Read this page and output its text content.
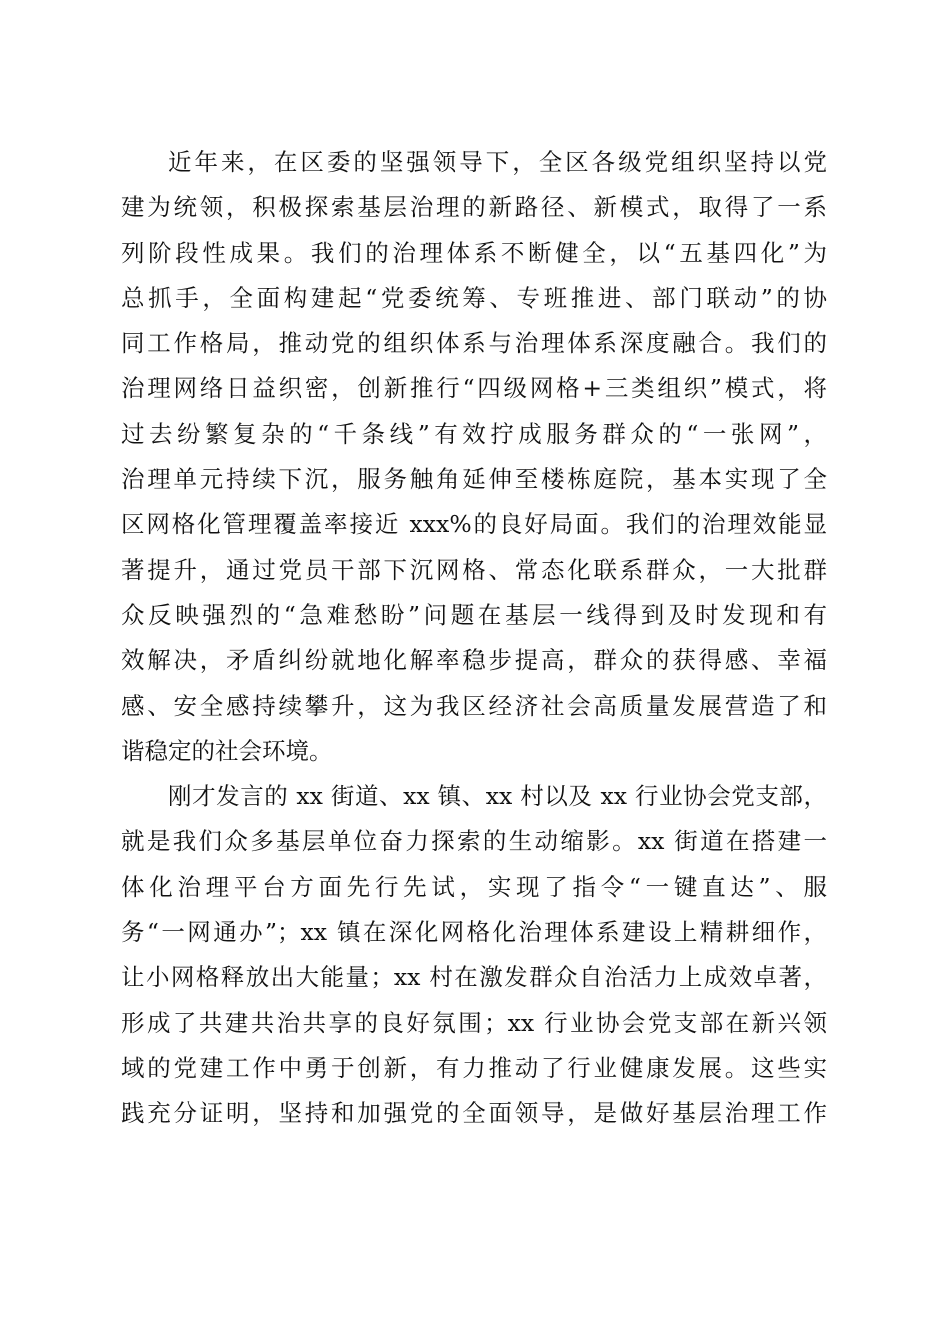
近年来，在区委的坚强领导下，全区各级党组织坚持以党
建为统领，积极探索基层治理的新路径、新模式，取得了一系
列阶段性成果。我们的治理体系不断健全，以“五基四化”为
总抓手，全面构建起“党委统筹、专班推进、部门联动”的协
同工作格局，推动党的组织体系与治理体系深度融合。我们的
治理网络日益织密，创新推行“四级网格+三类组织”模式，将
过去纷繁复杂的“千条线”有效拧成服务群众的“一张网”，
治理单元持续下沉，服务触角延伸至楼栋庭院，基本实现了全
区网格化管理覆盖率接近 xxx%的良好局面。我们的治理效能显
著提升，通过党员干部下沉网格、常态化联系群众，一大批群
众反映强烈的“急难愁盼”问题在基层一线得到及时发现和有
效解决，矛盾纠纷就地化解率稳步提高，群众的获得感、幸福
感、安全感持续攀升，这为我区经济社会高质量发展营造了和
谐稳定的社会环境。
刚才发言的 xx 街道、xx 镇、xx 村以及 xx 行业协会党支部，
就是我们众多基层单位奋力探索的生动缩影。xx 街道在搭建一
体化治理平台方面先行先试，实现了指令“一键直达”、服
务“一网通办”；xx 镇在深化网格化治理体系建设上精耕细作，
让小网格释放出大能量；xx 村在激发群众自治活力上成效卓著，
形成了共建共治共享的良好氛围；xx 行业协会党支部在新兴领
域的党建工作中勇于创新，有力推动了行业健康发展。这些实
践充分证明，坚持和加强党的全面领导，是做好基层治理工作
